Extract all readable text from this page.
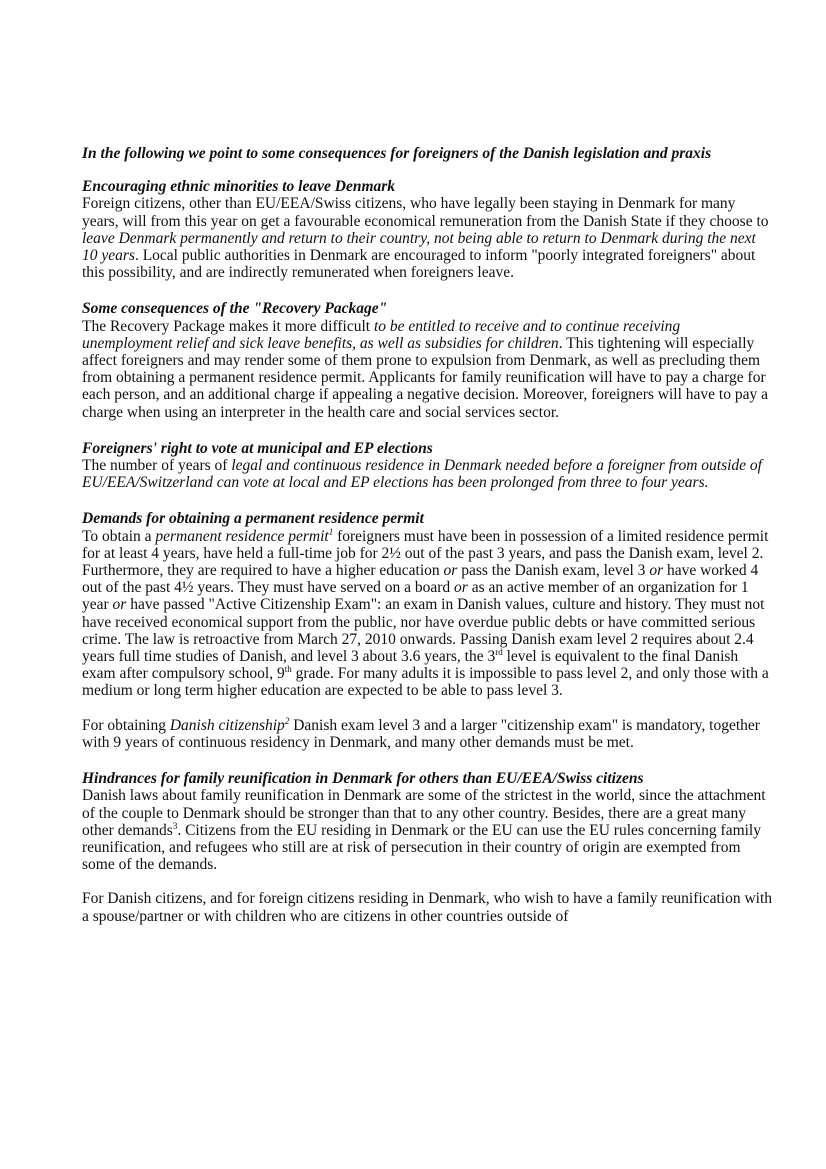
In the following we point to some consequences for foreigners of the Danish legislation and praxis

Encouraging ethnic minorities to leave Denmark

Foreign citizens, other than EU/EEA/Swiss citizens, who have legally been staying in Denmark for many years, will from this year on get a favourable economical remuneration from the Danish State if they choose to leave Denmark permanently and return to their country, not being able to return to Denmark during the next 10 years. Local public authorities in Denmark are encouraged to inform "poorly integrated foreigners" about this possibility, and are indirectly remunerated when foreigners leave.

Some consequences of the "Recovery Package"

The Recovery Package makes it more difficult to be entitled to receive and to continue receiving unemployment relief and sick leave benefits, as well as subsidies for children. This tightening will especially affect foreigners and may render some of them prone to expulsion from Denmark, as well as precluding them from obtaining a permanent residence permit. Applicants for family reunification will have to pay a charge for each person, and an additional charge if appealing a negative decision. Moreover, foreigners will have to pay a charge when using an interpreter in the health care and social services sector.

Foreigners' right to vote at municipal and EP elections

The number of years of legal and continuous residence in Denmark needed before a foreigner from outside of EU/EEA/Switzerland can vote at local and EP elections has been prolonged from three to four years.

Demands for obtaining a permanent residence permit

To obtain a permanent residence permit$^1$ foreigners must have been in possession of a limited residence permit for at least 4 years, have held a full-time job for 2½ out of the past 3 years, and pass the Danish exam, level 2. Furthermore, they are required to have a higher education or pass the Danish exam, level 3 or have worked 4 out of the past 4½ years. They must have served on a board or as an active member of an organization for 1 year or have passed "Active Citizenship Exam": an exam in Danish values, culture and history. They must not have received economical support from the public, nor have overdue public debts or have committed serious crime. The law is retroactive from March 27, 2010 onwards. Passing Danish exam level 2 requires about 2.4 years full time studies of Danish, and level 3 about 3.6 years, the 3rd level is equivalent to the final Danish exam after compulsory school, 9th grade. For many adults it is impossible to pass level 2, and only those with a medium or long term higher education are expected to be able to pass level 3.

For obtaining Danish citizenship$^2$ Danish exam level 3 and a larger "citizenship exam" is mandatory, together with 9 years of continuous residency in Denmark, and many other demands must be met.

Hindrances for family reunification in Denmark for others than EU/EEA/Swiss citizens

Danish laws about family reunification in Denmark are some of the strictest in the world, since the attachment of the couple to Denmark should be stronger than that to any other country. Besides, there are a great many other demands$^3$. Citizens from the EU residing in Denmark or the EU can use the EU rules concerning family reunification, and refugees who still are at risk of persecution in their country of origin are exempted from some of the demands.

For Danish citizens, and for foreign citizens residing in Denmark, who wish to have a family reunification with a spouse/partner or with children who are citizens in other countries outside of
